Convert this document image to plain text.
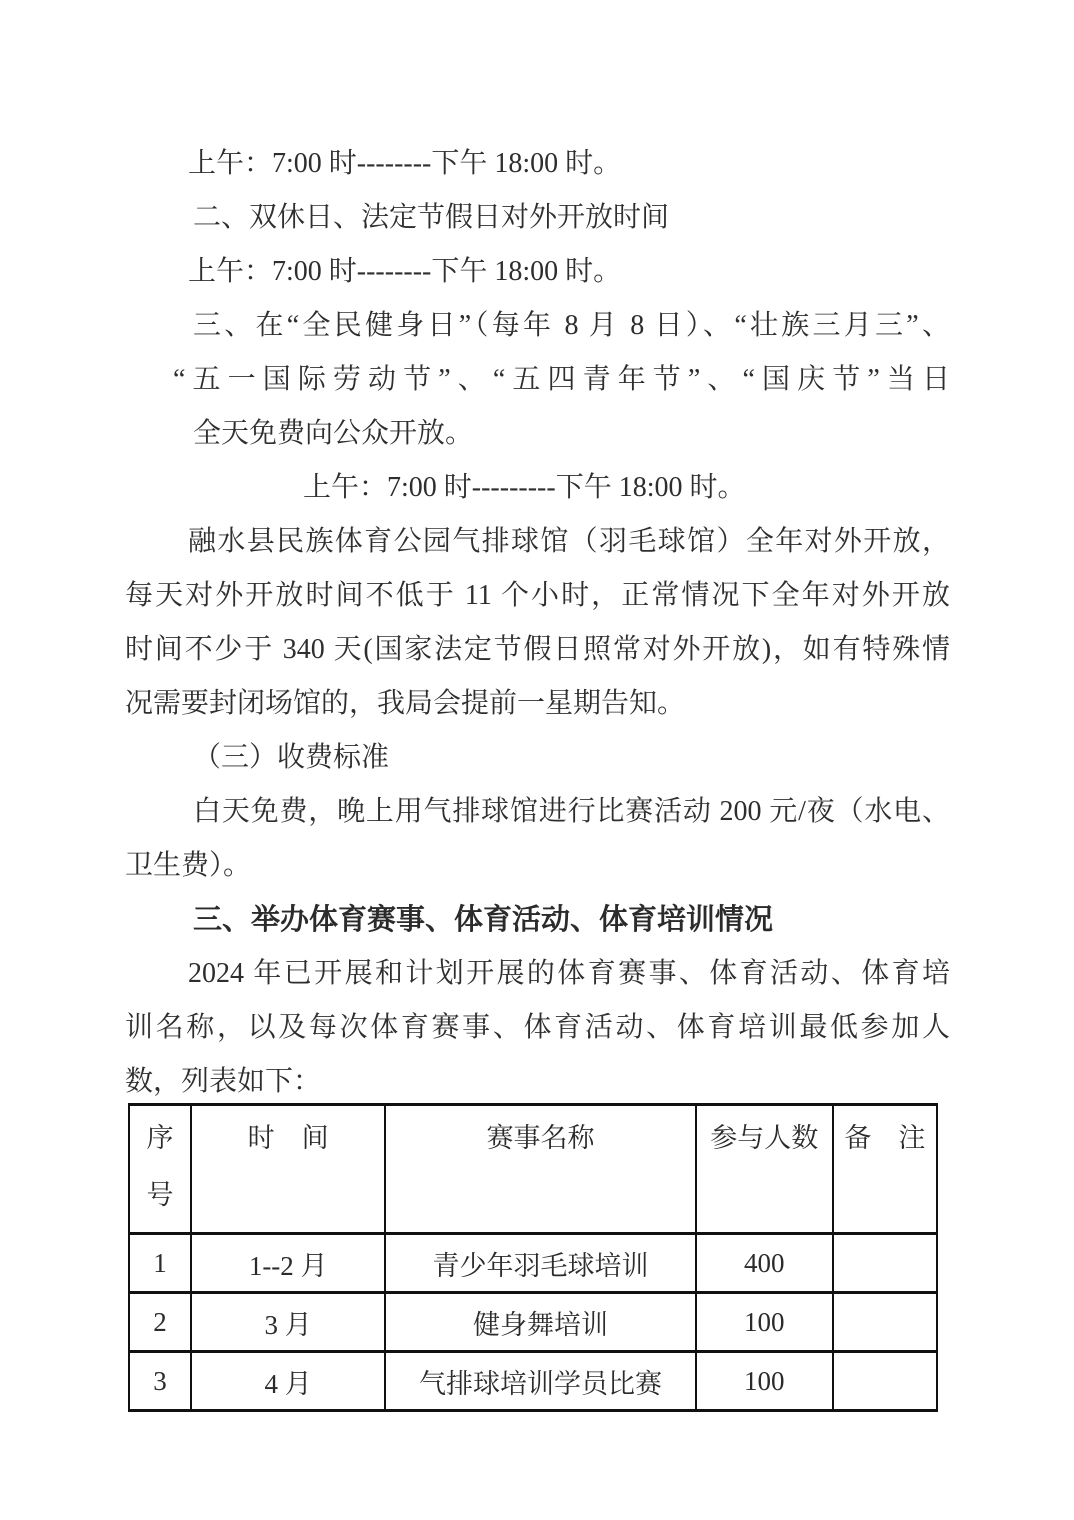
上午：7:00 时--------下午 18:00 时。
二、双休日、法定节假日对外开放时间
上午：7:00 时--------下午 18:00 时。
三、在“全民健身日”（每年 8 月 8 日）、“壮族三月三”、
“五一国际劳动节”、“五四青年节”、“国庆节”当日
全天免费向公众开放。
上午：7:00 时---------下午 18:00 时。
融水县民族体育公园气排球馆（羽毛球馆）全年对外开放，
每天对外开放时间不低于 11 个小时，正常情况下全年对外开放
时间不少于 340 天(国家法定节假日照常对外开放)，如有特殊情
况需要封闭场馆的，我局会提前一星期告知。
（三）收费标准
白天免费，晚上用气排球馆进行比赛活动 200 元/夜（水电、
卫生费）。
三、举办体育赛事、体育活动、体育培训情况
2024 年已开展和计划开展的体育赛事、体育活动、体育培
训名称，以及每次体育赛事、体育活动、体育培训最低参加人
数，列表如下：
序
号	时　间	赛事名称	参与人数	备　注

1	1--2 月	青少年羽毛球培训	400	
2	3 月	健身舞培训	100	
3	4 月	气排球培训学员比赛	100	
